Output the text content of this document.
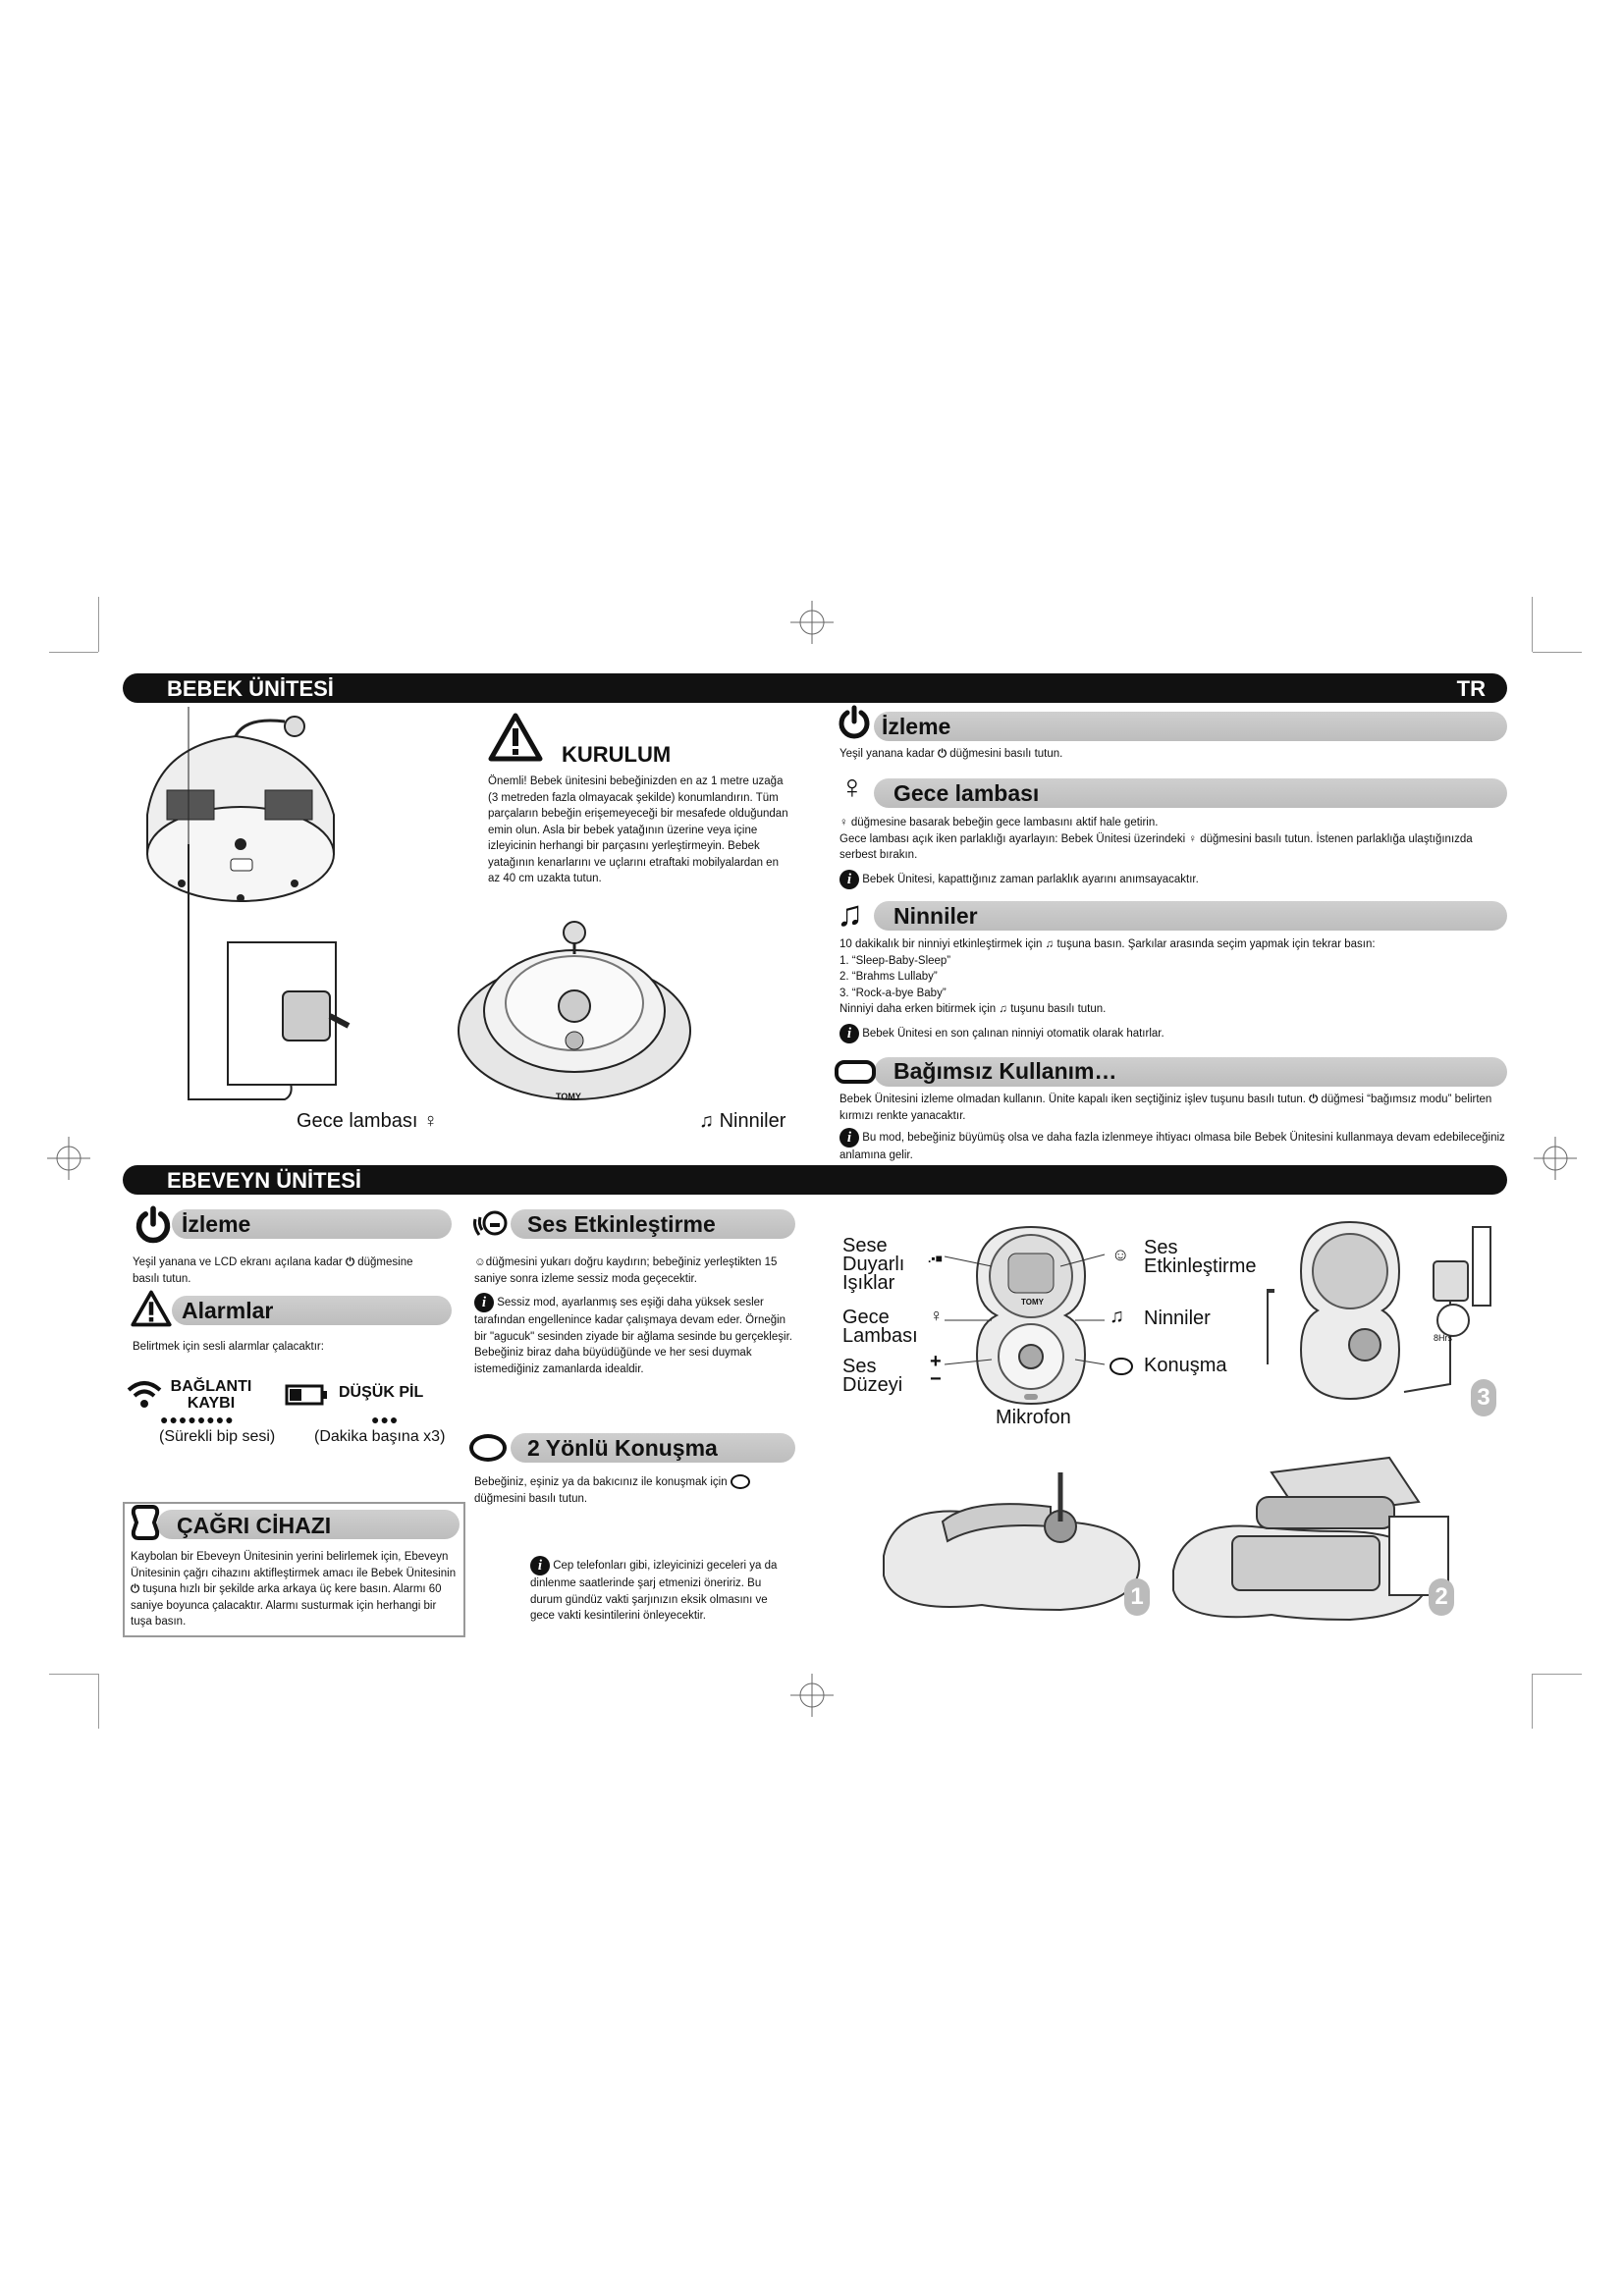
BEBEK ÜNİTESİ	TR
KURULUM
Önemli! Bebek ünitesini bebeğinizden en az 1 metre uzağa (3 metreden fazla olmayacak şekilde) konumlandırın. Tüm parçaların bebeğin erişemeyeceği bir mesafede olduğundan emin olun. Asla bir bebek yatağının üzerine veya içine izleyicinin herhangi bir parçasını yerleştirmeyin. Bebek yatağının kenarlarını ve uçlarını etraftaki mobilyalardan en az 40 cm uzakta tutun.
TOMY
Gece lambası ♀	♫ Ninniler
İzleme
Yeşil yanana kadar ⏻ düğmesini basılı tutun.
♀ Gece lambası

♀ düğmesine basarak bebeğin gece lambasını aktif hale getirin.

Gece lambası açık iken parlaklığı ayarlayın: Bebek Ünitesi üzerindeki ♀ düğmesini basılı tutun. İstenen parlaklığa ulaştığınızda serbest bırakın.

i Bebek Ünitesi, kapattığınız zaman parlaklık ayarını anımsayacaktır.

♫ Ninniler

10 dakikalık bir ninniyi etkinleştirmek için ♫ tuşuna basın. Şarkılar arasında seçim yapmak için tekrar basın:

1. “Sleep-Baby-Sleep”
2. “Brahms Lullaby”
3. “Rock-a-bye Baby”

Ninniyi daha erken bitirmek için ♫ tuşunu basılı tutun.

i Bebek Ünitesi en son çalınan ninniyi otomatik olarak hatırlar.

Bağımsız Kullanım…

Bebek Ünitesini izleme olmadan kullanın. Ünite kapalı iken seçtiğiniz işlev tuşunu basılı tutun. ⏻ düğmesi “bağımsız modu” belirten kırmızı renkte yanacaktır.

i Bu mod, bebeğiniz büyümüş olsa ve daha fazla izlenmeye ihtiyacı olmasa bile Bebek Ünitesini kullanmaya devam edebileceğiniz anlamına gelir.

EBEVEYN ÜNİTESİ
İzleme
Yeşil yanana ve LCD ekranı açılana kadar ⏻ düğmesine basılı tutun.
Alarmlar
Belirtmek için sesli alarmlar çalacaktır:
BAĞLANTI KAYBI
●●●●●●●●
(Sürekli bip sesi)
DÜŞÜK PİL
●●●
(Dakika başına x3)
ÇAĞRI CİHAZI
Kaybolan bir Ebeveyn Ünitesinin yerini belirlemek için, Ebeveyn Ünitesinin çağrı cihazını aktifleştirmek amacı ile Bebek Ünitesinin ⏻ tuşuna hızlı bir şekilde arka arkaya üç kere basın. Alarmı 60 saniye boyunca çalacaktır. Alarmı susturmak için herhangi bir tuşa basın.
Ses Etkinleştirme

☺düğmesini yukarı doğru kaydırın; bebeğiniz yerleştikten 15 saniye sonra izleme sessiz moda geçecektir.

i Sessiz mod, ayarlanmış ses eşiği daha yüksek sesler tarafından engellenince kadar çalışmaya devam eder. Örneğin bir "agucuk" sesinden ziyade bir ağlama sesinde bu gerçekleşir. Bebeğiniz biraz daha büyüdüğünde ve her sesi duymak istemediğiniz zamanlarda idealdir.

2 Yönlü Konuşma
Bebeğiniz, eşiniz ya da bakıcınız ile konuşmak için  düğmesini basılı tutun.
i Cep telefonları gibi, izleyicinizi geceleri ya da dinlenme saatlerinde şarj etmenizi öneririz. Bu durum gündüz vakti şarjınızın eksik olmasını ve gece vakti kesintilerini önleyecektir.
TOMY
Sese Duyarlı Işıklar
.▪■
Gece Lambası
♀
Ses Düzeyi
+
−
Mikrofon
☺ Ses Etkinleştirme
♫ Ninniler
Konuşma
8Hrs
3
1	2
